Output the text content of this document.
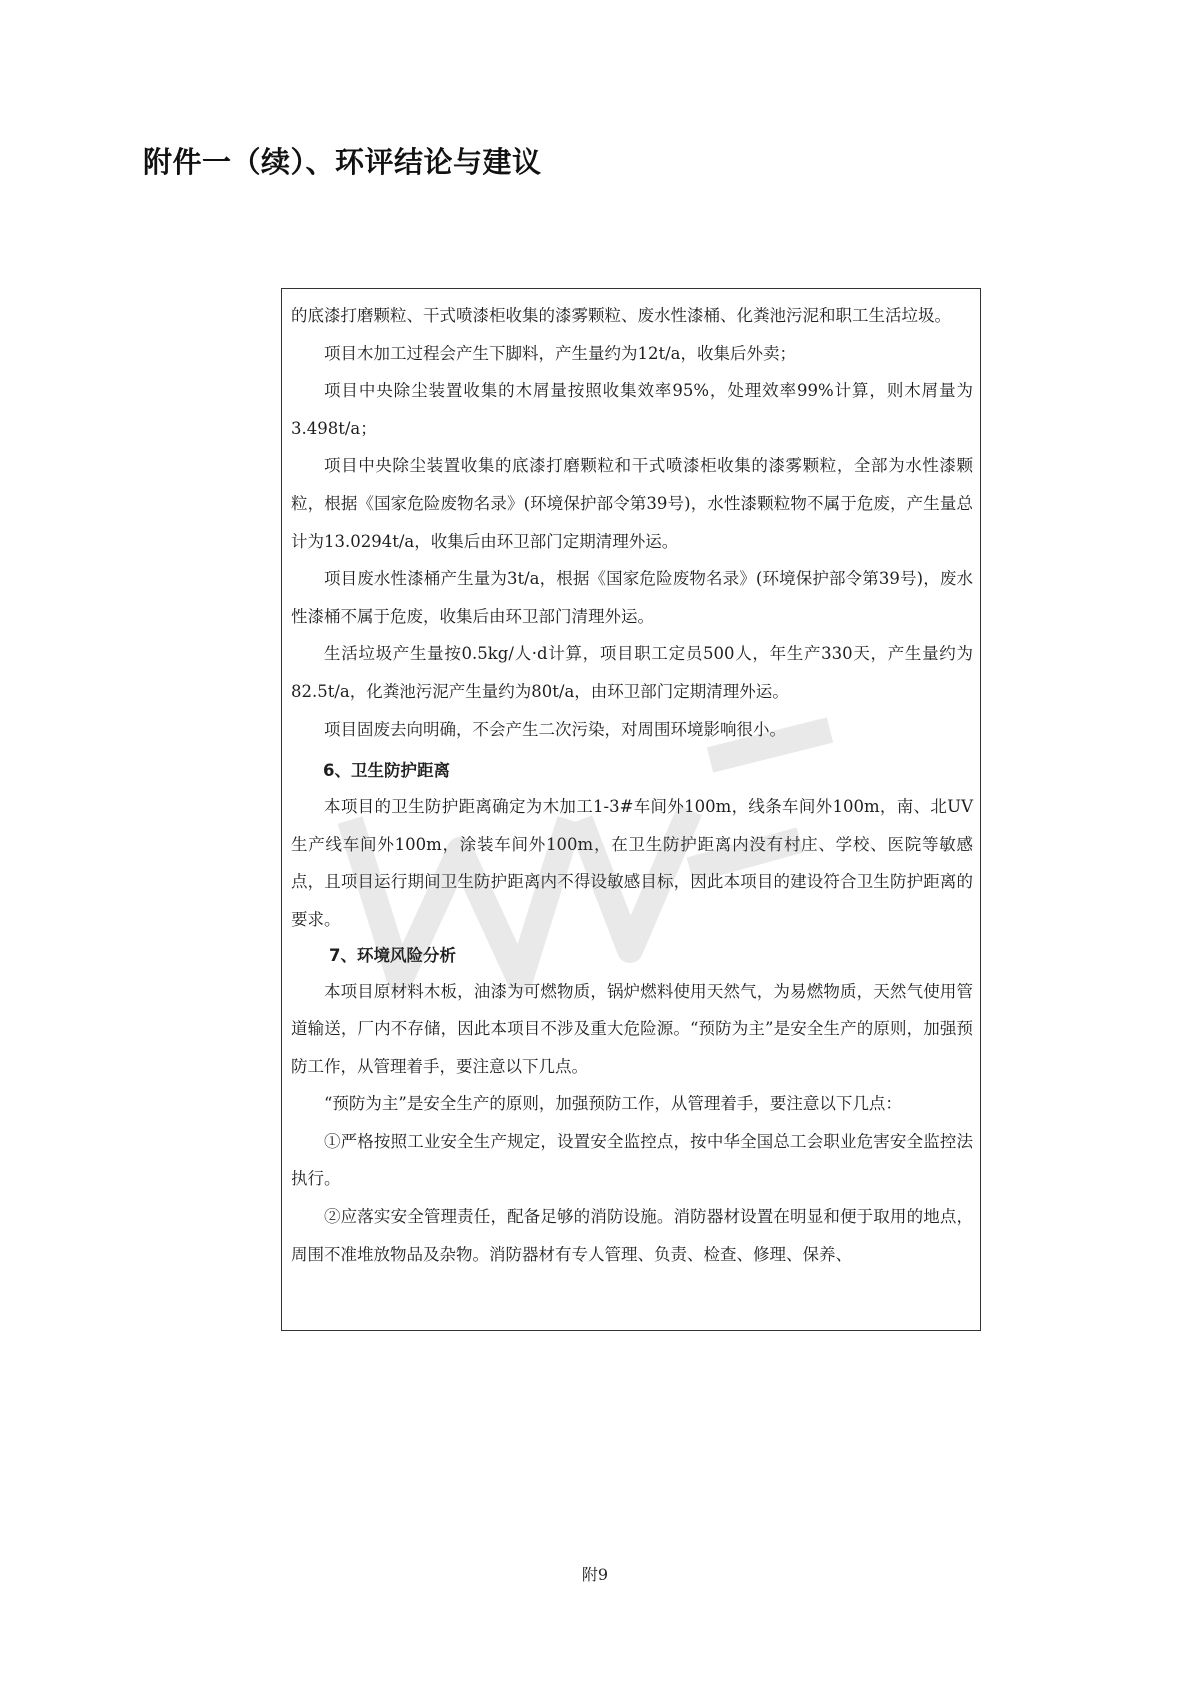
附件一（续）、环评结论与建议

的底漆打磨颗粒、干式喷漆柜收集的漆雾颗粒、废水性漆桶、化粪池污泥和职工生活垃圾。

项目木加工过程会产生下脚料，产生量约为12t/a，收集后外卖；

项目中央除尘装置收集的木屑量按照收集效率95%，处理效率99%计算，则木屑量为3.498t/a；

项目中央除尘装置收集的底漆打磨颗粒和干式喷漆柜收集的漆雾颗粒，全部为水性漆颗粒，根据《国家危险废物名录》(环境保护部令第39号)，水性漆颗粒物不属于危废，产生量总计为13.0294t/a，收集后由环卫部门定期清理外运。

项目废水性漆桶产生量为3t/a，根据《国家危险废物名录》(环境保护部令第39号)，废水性漆桶不属于危废，收集后由环卫部门清理外运。

生活垃圾产生量按0.5kg/人·d计算，项目职工定员500人，年生产330天，产生量约为82.5t/a，化粪池污泥产生量约为80t/a，由环卫部门定期清理外运。

项目固废去向明确，不会产生二次污染，对周围环境影响很小。

6、卫生防护距离

本项目的卫生防护距离确定为木加工1-3#车间外100m，线条车间外100m，南、北UV生产线车间外100m，涂装车间外100m，在卫生防护距离内没有村庄、学校、医院等敏感点，且项目运行期间卫生防护距离内不得设敏感目标，因此本项目的建设符合卫生防护距离的要求。

7、环境风险分析

本项目原材料木板，油漆为可燃物质，锅炉燃料使用天然气，为易燃物质，天然气使用管道输送，厂内不存储，因此本项目不涉及重大危险源。“预防为主”是安全生产的原则，加强预防工作，从管理着手，要注意以下几点。

“预防为主”是安全生产的原则，加强预防工作，从管理着手，要注意以下几点：

①严格按照工业安全生产规定，设置安全监控点，按中华全国总工会职业危害安全监控法执行。

②应落实安全管理责任，配备足够的消防设施。消防器材设置在明显和便于取用的地点，周围不准堆放物品及杂物。消防器材有专人管理、负责、检查、修理、保养、

附9
